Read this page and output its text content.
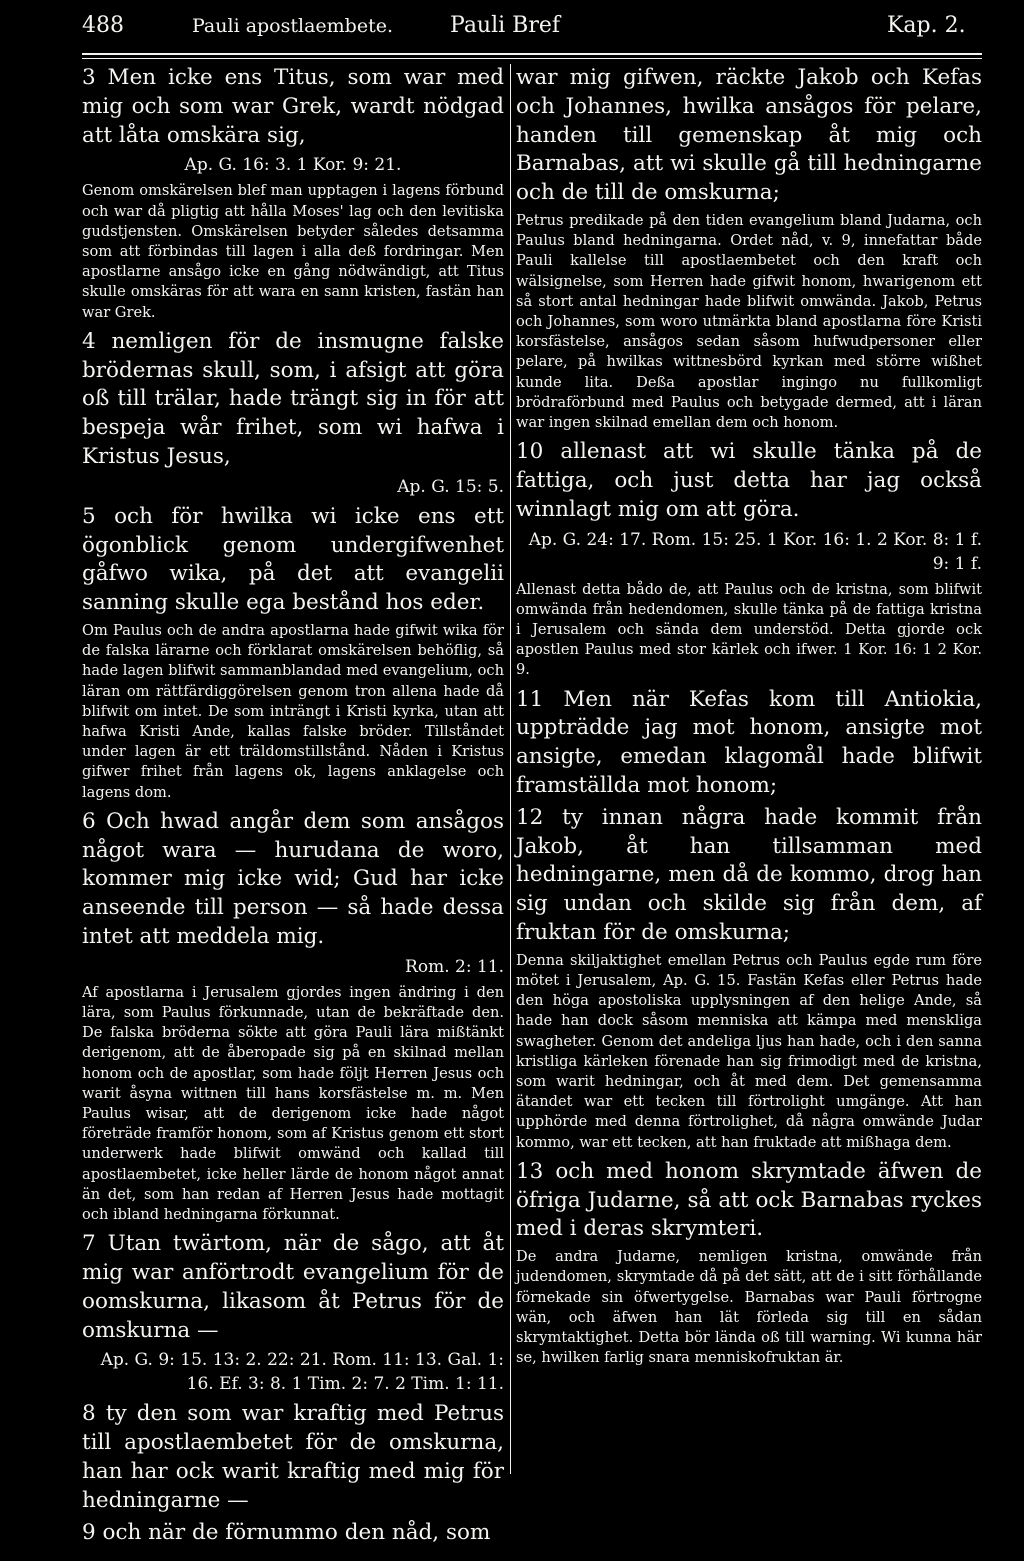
488	Pauli apostlaembete.	Pauli Bref	Kap. 2.

3 Men icke ens Titus, som war med mig och som war Grek, wardt nödgad att låta omskära sig,

Ap. G. 16: 3. 1 Kor. 9: 21.

Genom omskärelsen blef man upptagen i lagens förbund och war då pligtig att hålla Moses' lag och den levitiska gudstjensten. Omskärelsen betyder således detsamma som att förbindas till lagen i alla deß fordringar. Men apostlarne ansågo icke en gång nödwändigt, att Titus skulle omskäras för att wara en sann kristen, fastän han war Grek.

4 nemligen för de insmugne falske brödernas skull, som, i afsigt att göra oß till trälar, hade trängt sig in för att bespeja wår frihet, som wi hafwa i Kristus Jesus,

Ap. G. 15: 5.

5 och för hwilka wi icke ens ett ögonblick genom undergifwenhet gåfwo wika, på det att evangelii sanning skulle ega bestånd hos eder.

Om Paulus och de andra apostlarna hade gifwit wika för de falska lärarne och förklarat omskärelsen behöflig, så hade lagen blifwit sammanblandad med evangelium, och läran om rättfärdiggörelsen genom tron allena hade då blifwit om intet. De som inträngt i Kristi kyrka, utan att hafwa Kristi Ande, kallas falske bröder. Tillståndet under lagen är ett träldomstillstånd. Nåden i Kristus gifwer frihet från lagens ok, lagens anklagelse och lagens dom.

6 Och hwad angår dem som ansågos något wara — hurudana de woro, kommer mig icke wid; Gud har icke anseende till person — så hade dessa intet att meddela mig.

Rom. 2: 11.

Af apostlarna i Jerusalem gjordes ingen ändring i den lära, som Paulus förkunnade, utan de bekräftade den. De falska bröderna sökte att göra Pauli lära mißtänkt derigenom, att de åberopade sig på en skilnad mellan honom och de apostlar, som hade följt Herren Jesus och warit åsyna wittnen till hans korsfästelse m. m. Men Paulus wisar, att de derigenom icke hade något företräde framför honom, som af Kristus genom ett stort underwerk hade blifwit omwänd och kallad till apostlaembetet, icke heller lärde de honom något annat än det, som han redan af Herren Jesus hade mottagit och ibland hedningarna förkunnat.

7 Utan twärtom, när de sågo, att åt mig war anförtrodt evangelium för de oomskurna, likasom åt Petrus för de omskurna —

Ap. G. 9: 15. 13: 2. 22: 21. Rom. 11: 13. Gal. 1: 16. Ef. 3: 8. 1 Tim. 2: 7. 2 Tim. 1: 11.

8 ty den som war kraftig med Petrus till apostlaembetet för de omskurna, han har ock warit kraftig med mig för hedningarne —

9 och när de förnummo den nåd, som

war mig gifwen, räckte Jakob och Kefas och Johannes, hwilka ansågos för pelare, handen till gemenskap åt mig och Barnabas, att wi skulle gå till hedningarne och de till de omskurna;

Petrus predikade på den tiden evangelium bland Judarna, och Paulus bland hedningarna. Ordet nåd, v. 9, innefattar både Pauli kallelse till apostlaembetet och den kraft och wälsignelse, som Herren hade gifwit honom, hwarigenom ett så stort antal hedningar hade blifwit omwända. Jakob, Petrus och Johannes, som woro utmärkta bland apostlarna före Kristi korsfästelse, ansågos sedan såsom hufwudpersoner eller pelare, på hwilkas wittnesbörd kyrkan med större wißhet kunde lita. Deßa apostlar ingingo nu fullkomligt brödraförbund med Paulus och betygade dermed, att i läran war ingen skilnad emellan dem och honom.

10 allenast att wi skulle tänka på de fattiga, och just detta har jag också winnlagt mig om att göra.

Ap. G. 24: 17. Rom. 15: 25. 1 Kor. 16: 1. 2 Kor. 8: 1 f. 9: 1 f.

Allenast detta bådo de, att Paulus och de kristna, som blifwit omwända från hedendomen, skulle tänka på de fattiga kristna i Jerusalem och sända dem understöd. Detta gjorde ock apostlen Paulus med stor kärlek och ifwer. 1 Kor. 16: 1 2 Kor. 9.

11 Men när Kefas kom till Antiokia, uppträdde jag mot honom, ansigte mot ansigte, emedan klagomål hade blifwit framställda mot honom;

12 ty innan några hade kommit från Jakob, åt han tillsamman med hedningarne, men då de kommo, drog han sig undan och skilde sig från dem, af fruktan för de omskurna;

Denna skiljaktighet emellan Petrus och Paulus egde rum före mötet i Jerusalem, Ap. G. 15. Fastän Kefas eller Petrus hade den höga apostoliska upplysningen af den helige Ande, så hade han dock såsom menniska att kämpa med menskliga swagheter. Genom det andeliga ljus han hade, och i den sanna kristliga kärleken förenade han sig frimodigt med de kristna, som warit hedningar, och åt med dem. Det gemensamma ätandet war ett tecken till förtrolight umgänge. Att han upphörde med denna förtrolighet, då några omwände Judar kommo, war ett tecken, att han fruktade att mißhaga dem.

13 och med honom skrymtade äfwen de öfriga Judarne, så att ock Barnabas ryckes med i deras skrymteri.

De andra Judarne, nemligen kristna, omwände från judendomen, skrymtade då på det sätt, att de i sitt förhållande förnekade sin öfwertygelse. Barnabas war Pauli förtrogne wän, och äfwen han lät förleda sig till en sådan skrymtaktighet. Detta bör lända oß till warning. Wi kunna här se, hwilken farlig snara menniskofruktan är.
